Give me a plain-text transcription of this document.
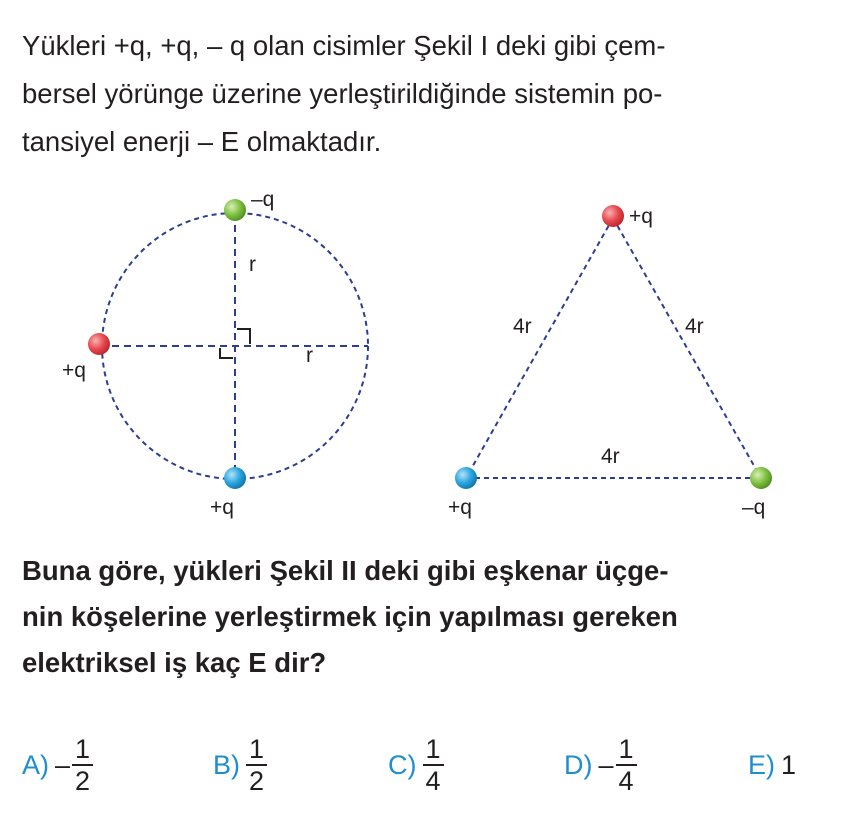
Yükleri +q, +q, – q olan cisimler Şekil I deki gibi çem-
bersel yörünge üzerine yerleştirildiğinde sistemin po-
tansiyel enerji – E olmaktadır.
r
r
–q
+q
+q
+q
+q	–q
4r	4r
4r
Buna göre, yükleri Şekil II deki gibi eşkenar üçge-
nin köşelerine yerleştirmek için yapılması gereken
elektriksel iş kaç E dir?
$A) - \frac{1}{2}$	$B) \frac{1}{2}$	$C) \frac{1}{4}$	$D) - \frac{1}{4}$	E) 1
